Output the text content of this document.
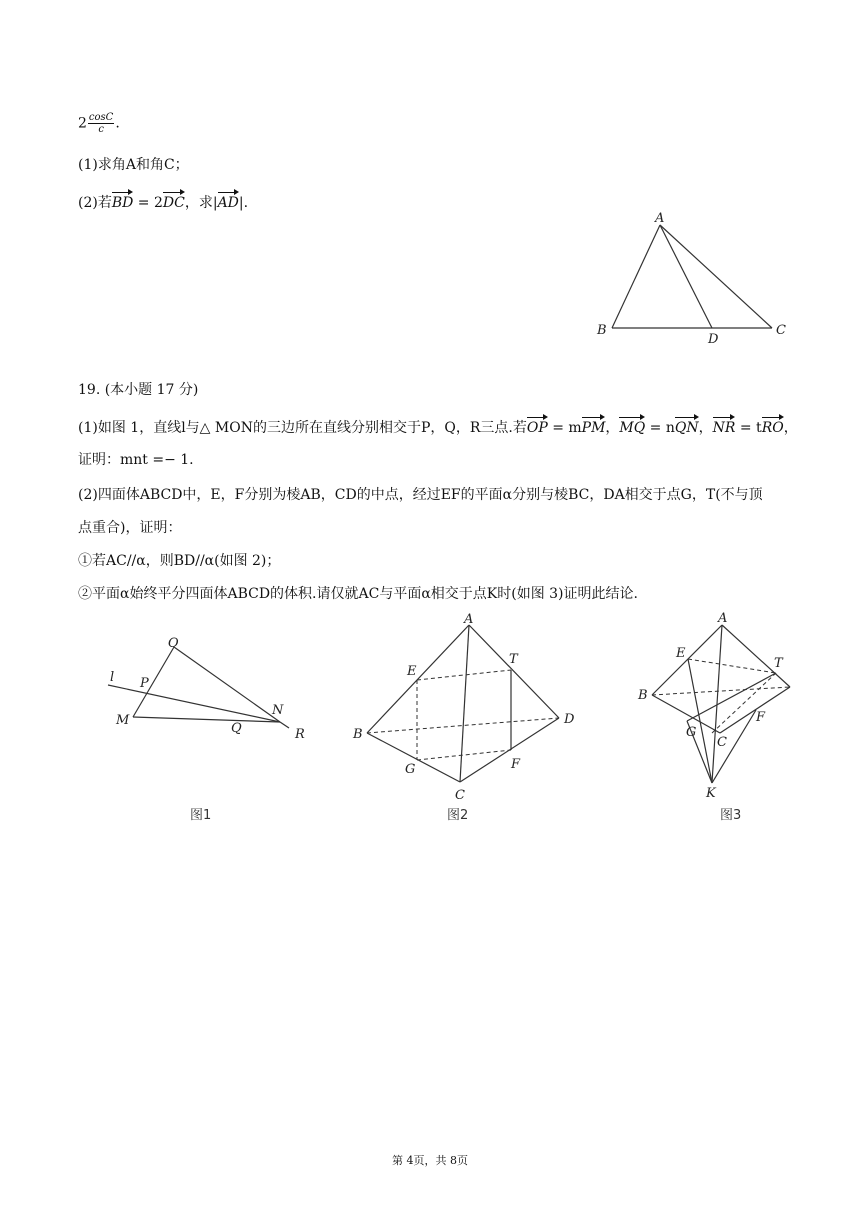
$2 \frac{\cos C}{c}$ .
(1)求角A和角C；
(2)若BD = 2DC，求|AD|.
A
B
D
C
19. (本小题 17 分)
(1)如图 1，直线l与△ MON的三边所在直线分别相交于P，Q，R三点.若OP = mPM，MQ = nQN，NR = tRO，
证明：mnt =− 1.
(2)四面体ABCD中，E，F分别为棱AB，CD的中点，经过EF的平面α分别与棱BC，DA相交于点G，T(不与顶
点重合)，证明：
①若AC//α，则BD//α(如图 2)；
②平面α始终平分四面体ABCD的体积.请仅就AC与平面α相交于点K时(如图 3)证明此结论.
O
l P
N
M
Q	R
图1
A
E
T
B
D
G	F
C
图2
A
E
T
B
F
G
C
K
图3
第 4页，共 8页
